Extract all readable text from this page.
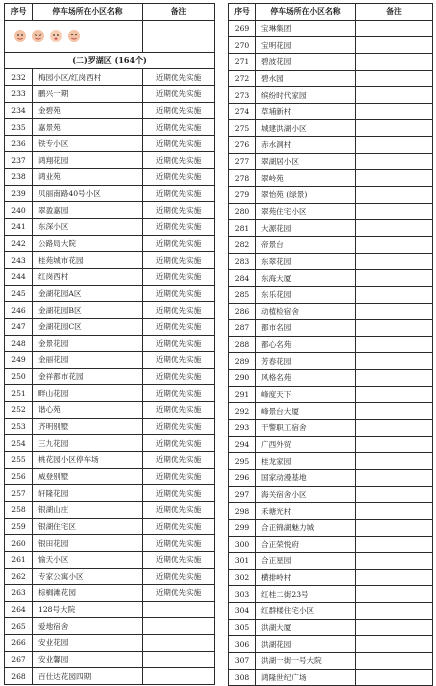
序号	停车场所在小区名称	备注

(二)罗湖区 (164个)		
232	梅园小区/红岗西村	近期优先实施
233	鹏兴一期	近期优先实施
234	金碧苑	近期优先实施
235	嘉景苑	近期优先实施
236	铁专小区	近期优先实施
237	鸿翔花园	近期优先实施
238	鸿业苑	近期优先实施
239	贝丽南路40号小区	近期优先实施
240	翠盈嘉园	近期优先实施
241	东深小区	近期优先实施
242	公路局大院	近期优先实施
243	桂苑城市花园	近期优先实施
244	红岗西村	近期优先实施
245	金湖花园A区	近期优先实施
246	金湖花园B区	近期优先实施
247	金湖花园C区	近期优先实施
248	金景花园	近期优先实施
249	金丽花园	近期优先实施
250	金祥都市花园	近期优先实施
251	畔山花园	近期优先实施
252	谐心苑	近期优先实施
253	齐明别墅	近期优先实施
254	三九花园	近期优先实施
255	桃花园小区停车场	近期优先实施
256	威登别墅	近期优先实施
257	轩隆花园	近期优先实施
258	银湖山庄	近期优先实施
259	银湖住宅区	近期优先实施
260	银田花园	近期优先实施
261	愉天小区	近期优先实施
262	专家公寓小区	近期优先实施
263	棕榈滩花园	近期优先实施
264	128号大院	
265	爱地宿舍	
266	安业花园	
267	安业馨园	
268	百仕达花园四期	
序号	停车场所在小区名称	备注
269	宝琳集团	
270	宝明花园	
271	碧波花园	
272	碧水园	
273	缤纷时代家园	
274	草埔新村	
275	城建洪湖小区	
276	赤水洞村	
277	翠湖居小区	
278	翠岭苑	
279	翠怡苑 (绿景)	
280	翠苑住宅小区	
281	大源花园	
282	帝景台	
283	东翠花园	
284	东海大厦	
285	东乐花园	
286	动植检宿舍	
287	都市名园	
288	都心名苑	
289	芳春花园	
290	风格名苑	
291	峰度天下	
292	峰景台大厦	
293	干警职工宿舍	
294	广西外贸	
295	桂龙家园	
296	国家动漫基地	
297	海关宿舍小区	
298	禾塘光村	
299	合正锦湖魅力城	
300	合正荣悦府	
301	合正星园	
302	横排岭村	
303	红桂二街23号	
304	红群楼住宅小区	
305	洪湖大厦	
306	洪湖花园	
307	洪湖一街一号大院	
308	鸿隆世纪广场	
